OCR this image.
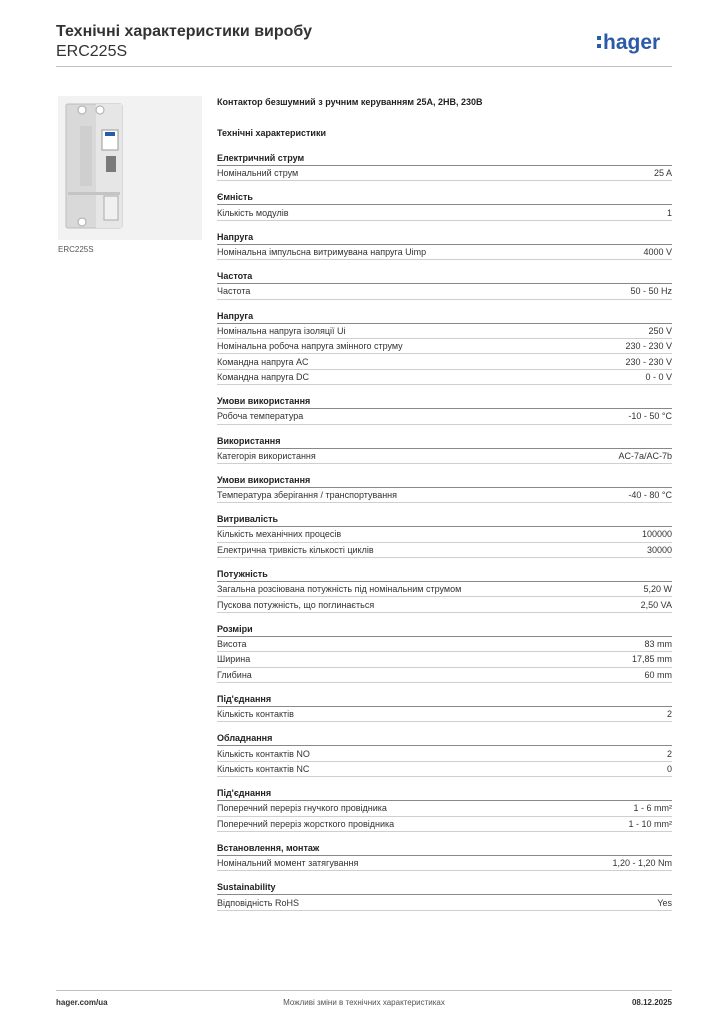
Технічні характеристики виробу
ERC225S	hager
ERC225S
Контактор безшумний з ручним керуванням 25А, 2НВ, 230В
Технічні характеристики
Електричний струм
Номінальний струм	25 A
Ємність
Кількість модулів	1
Напруга
Номінальна імпульсна витримувана напруга Uimp	4000 V
Частота
Частота	50 - 50 Hz
Напруга
Номінальна напруга ізоляції Ui	250 V
Номінальна робоча напруга змінного струму	230 - 230 V
Командна напруга AC	230 - 230 V
Командна напруга DC	0 - 0 V
Умови використання
Робоча температура	-10 - 50 °C
Використання
Категорія використання	AC-7a/AC-7b
Умови використання
Температура зберігання / транспортування	-40 - 80 °C
Витривалість
Кількість механічних процесів	100000
Електрична тривкість кількості циклів	30000
Потужність
Загальна розсіювана потужність під номінальним струмом	5,20 W
Пускова потужність, що поглинається	2,50 VA
Розміри
Висота	83 mm
Ширина	17,85 mm
Глибина	60 mm
Під'єднання
Кількість контактів	2
Обладнання
Кількість контактів NO	2
Кількість контактів NC	0
Під'єднання
Поперечний переріз гнучкого провідника	1 - 6 mm²
Поперечний переріз жорсткого провідника	1 - 10 mm²
Встановлення, монтаж
Номінальний момент затягування	1,20 - 1,20 Nm
Sustainability
Відповідність RoHS	Yes
hager.com/ua	Можливі зміни в технічних характеристиках	08.12.2025
